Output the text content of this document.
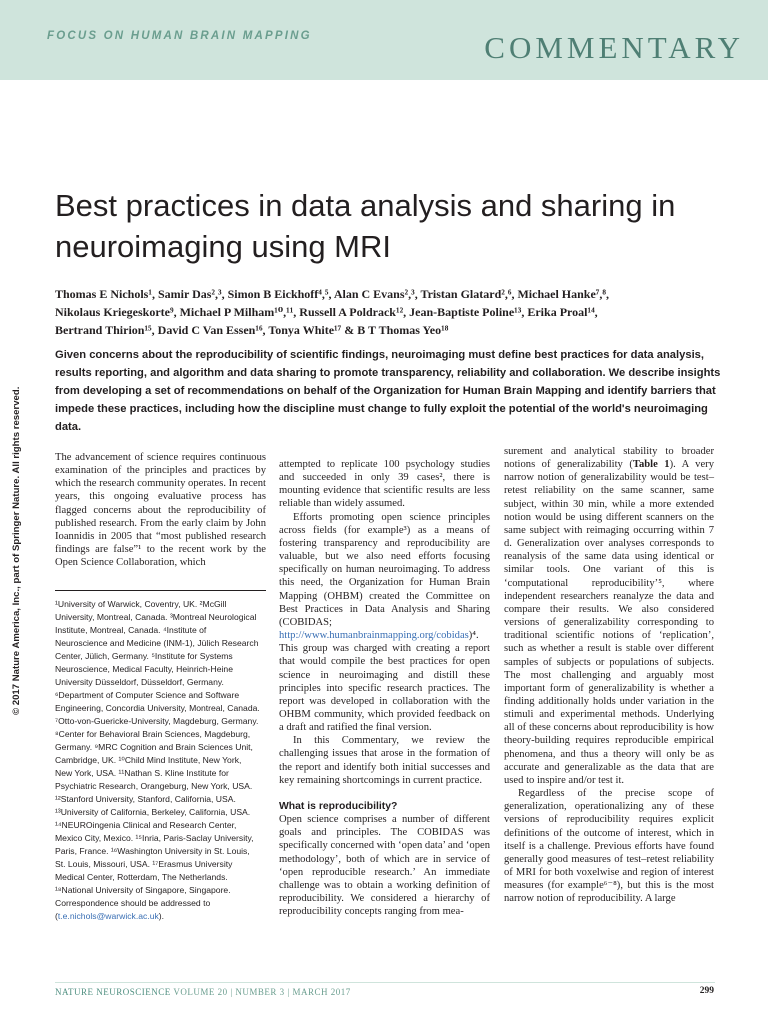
FOCUS ON HUMAN BRAIN MAPPING	COMMENTARY
© 2017 Nature America, Inc., part of Springer Nature. All rights reserved.
Best practices in data analysis and sharing in neuroimaging using MRI
Thomas E Nichols¹, Samir Das²,³, Simon B Eickhoff⁴,⁵, Alan C Evans²,³, Tristan Glatard²,⁶, Michael Hanke⁷,⁸,
Nikolaus Kriegeskorte⁹, Michael P Milham¹⁰,¹¹, Russell A Poldrack¹², Jean-Baptiste Poline¹³, Erika Proal¹⁴,
Bertrand Thirion¹⁵, David C Van Essen¹⁶, Tonya White¹⁷ & B T Thomas Yeo¹⁸
Given concerns about the reproducibility of scientific findings, neuroimaging must define best practices for data analysis, results reporting, and algorithm and data sharing to promote transparency, reliability and collaboration. We describe insights from developing a set of recommendations on behalf of the Organization for Human Brain Mapping and identify barriers that impede these practices, including how the discipline must change to fully exploit the potential of the world's neuroimaging data.

The advancement of science requires continuous examination of the principles and practices by which the research community operates. In recent years, this ongoing evaluative process has flagged concerns about the reproducibility of published research. From the early claim by John Ioannidis in 2005 that “most published research findings are false”¹ to the recent work by the Open Science Collaboration, which

¹University of Warwick, Coventry, UK. ²McGill University, Montreal, Canada. ³Montreal Neurological Institute, Montreal, Canada. ⁴Institute of Neuroscience and Medicine (INM-1), Jülich Research Center, Jülich, Germany. ⁵Institute for Systems Neuroscience, Medical Faculty, Heinrich-Heine University Düsseldorf, Düsseldorf, Germany. ⁶Department of Computer Science and Software Engineering, Concordia University, Montreal, Canada. ⁷Otto-von-Guericke-University, Magdeburg, Germany. ⁸Center for Behavioral Brain Sciences, Magdeburg, Germany. ⁹MRC Cognition and Brain Sciences Unit, Cambridge, UK. ¹⁰Child Mind Institute, New York, New York, USA. ¹¹Nathan S. Kline Institute for Psychiatric Research, Orangeburg, New York, USA. ¹²Stanford University, Stanford, California, USA. ¹³University of California, Berkeley, California, USA. ¹⁴NEUROingenia Clinical and Research Center, Mexico City, Mexico. ¹⁵Inria, Paris-Saclay University, Paris, France. ¹⁶Washington University in St. Louis, St. Louis, Missouri, USA. ¹⁷Erasmus University Medical Center, Rotterdam, The Netherlands. ¹⁸National University of Singapore, Singapore. Correspondence should be addressed to (t.e.nichols@warwick.ac.uk).

attempted to replicate 100 psychology studies and succeeded in only 39 cases², there is mounting evidence that scientific results are less reliable than widely assumed.

Efforts promoting open science principles across fields (for example³) as a means of fostering transparency and reproducibility are valuable, but we also need efforts focusing specifically on human neuroimaging. To address this need, the Organization for Human Brain Mapping (OHBM) created the Committee on Best Practices in Data Analysis and Sharing (COBIDAS; http://www.humanbrainmapping.org/cobidas)⁴. This group was charged with creating a report that would compile the best practices for open science in neuroimaging and distill these principles into specific research practices. The report was developed in collaboration with the OHBM community, which provided feedback on a draft and ratified the final version.

In this Commentary, we review the challenging issues that arose in the formation of the report and identify both initial successes and key remaining shortcomings in current practice.

What is reproducibility?

Open science comprises a number of different goals and principles. The COBIDAS was specifically concerned with ‘open data’ and ‘open methodology’, both of which are in service of ‘open reproducible research.’ An immediate challenge was to obtain a working definition of reproducibility. We considered a hierarchy of reproducibility concepts ranging from mea-

surement and analytical stability to broader notions of generalizability (Table 1). A very narrow notion of generalizability would be test–retest reliability on the same scanner, same subject, within 30 min, while a more extended notion would be using different scanners on the same subject with reimaging occurring within 7 d. Generalization over analyses corresponds to reanalysis of the same data using identical or similar tools. One variant of this is ‘computational reproducibility’⁵, where independent researchers reanalyze the data and compare their results. We also considered versions of generalizability corresponding to traditional scientific notions of ‘replication’, such as whether a result is stable over different samples of subjects or populations of subjects. The most challenging and arguably most important form of generalizability is whether a finding additionally holds under variation in the stimuli and experimental methods. Underlying all of these concerns about reproducibility is how theory-building requires reproducible empirical phenomena, and thus a theory will only be as accurate and generalizable as the data that are used to inspire and/or test it.

Regardless of the precise scope of generalization, operationalizing any of these versions of reproducibility requires explicit definitions of the outcome of interest, which in itself is a challenge. Previous efforts have found generally good measures of test–retest reliability of MRI for both voxelwise and region of interest measures (for example⁶⁻⁸), but this is the most narrow notion of reproducibility. A large

NATURE NEUROSCIENCE VOLUME 20 | NUMBER 3 | MARCH 2017	299
